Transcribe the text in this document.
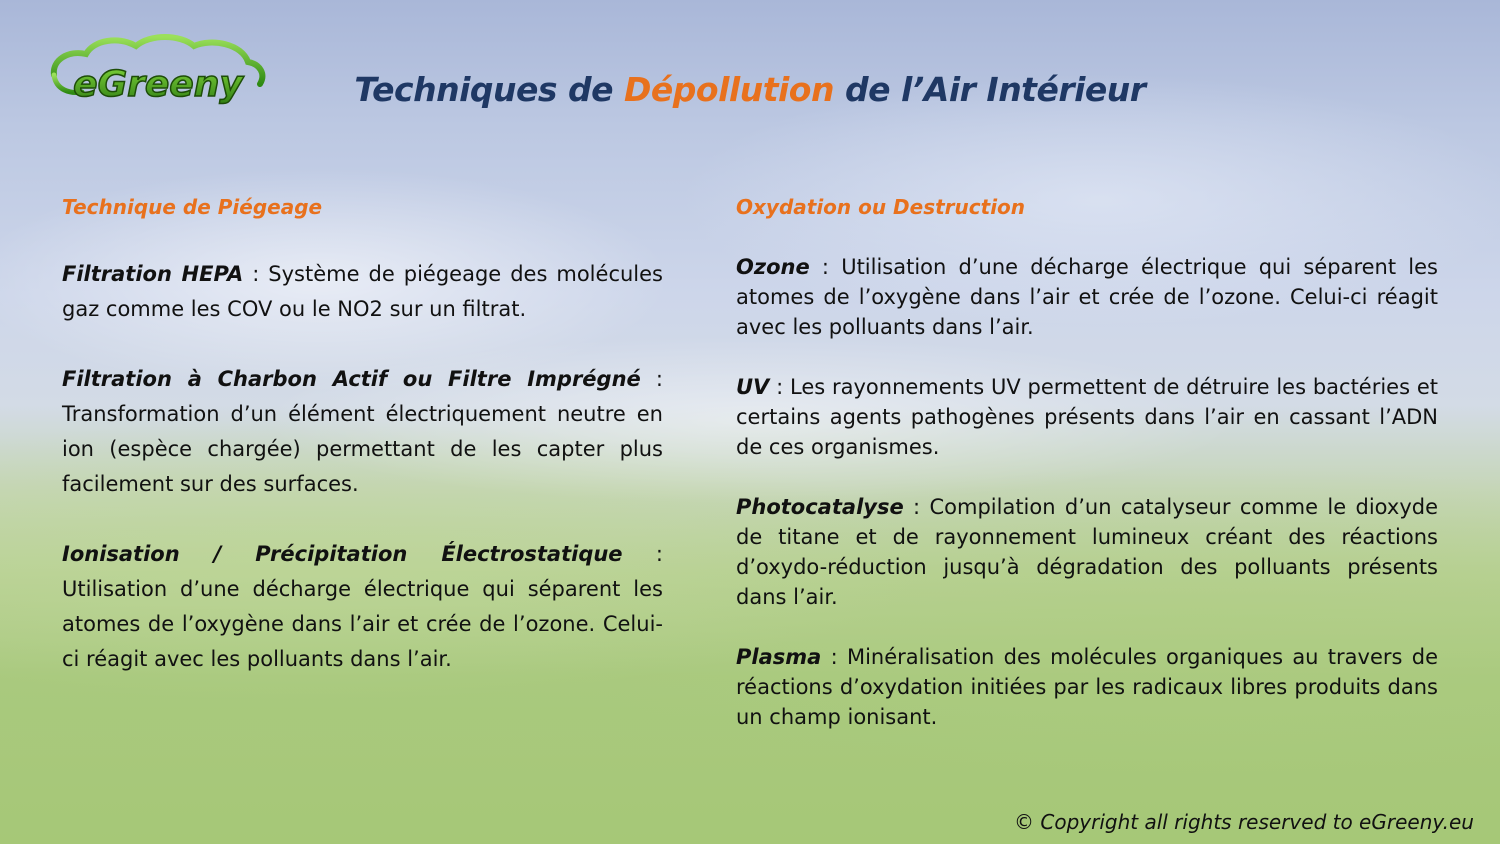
eGreeny	Techniques de Dépollution de l’Air Intérieur
Technique de Piégeage

Filtration HEPA : Système de piégeage des molécules gaz comme les COV ou le NO2 sur un filtrat.

Filtration à Charbon Actif ou Filtre Imprégné : Transformation d’un élément électriquement neutre en ion (espèce chargée) permettant de les capter plus facilement sur des surfaces.

Ionisation / Précipitation Électrostatique : Utilisation d’une décharge électrique qui séparent les atomes de l’oxygène dans l’air et crée de l’ozone. Celui-ci réagit avec les polluants dans l’air.

Oxydation ou Destruction

Ozone : Utilisation d’une décharge électrique qui séparent les atomes de l’oxygène dans l’air et crée de l’ozone. Celui-ci réagit avec les polluants dans l’air.

UV : Les rayonnements UV permettent de détruire les bactéries et certains agents pathogènes présents dans l’air en cassant l’ADN de ces organismes.

Photocatalyse : Compilation d’un catalyseur comme le dioxyde de titane et de rayonnement lumineux créant des réactions d’oxydo-réduction jusqu’à dégradation des polluants présents dans l’air.

Plasma : Minéralisation des molécules organiques au travers de réactions d’oxydation initiées par les radicaux libres produits dans un champ ionisant.

© Copyright all rights reserved to eGreeny.eu
